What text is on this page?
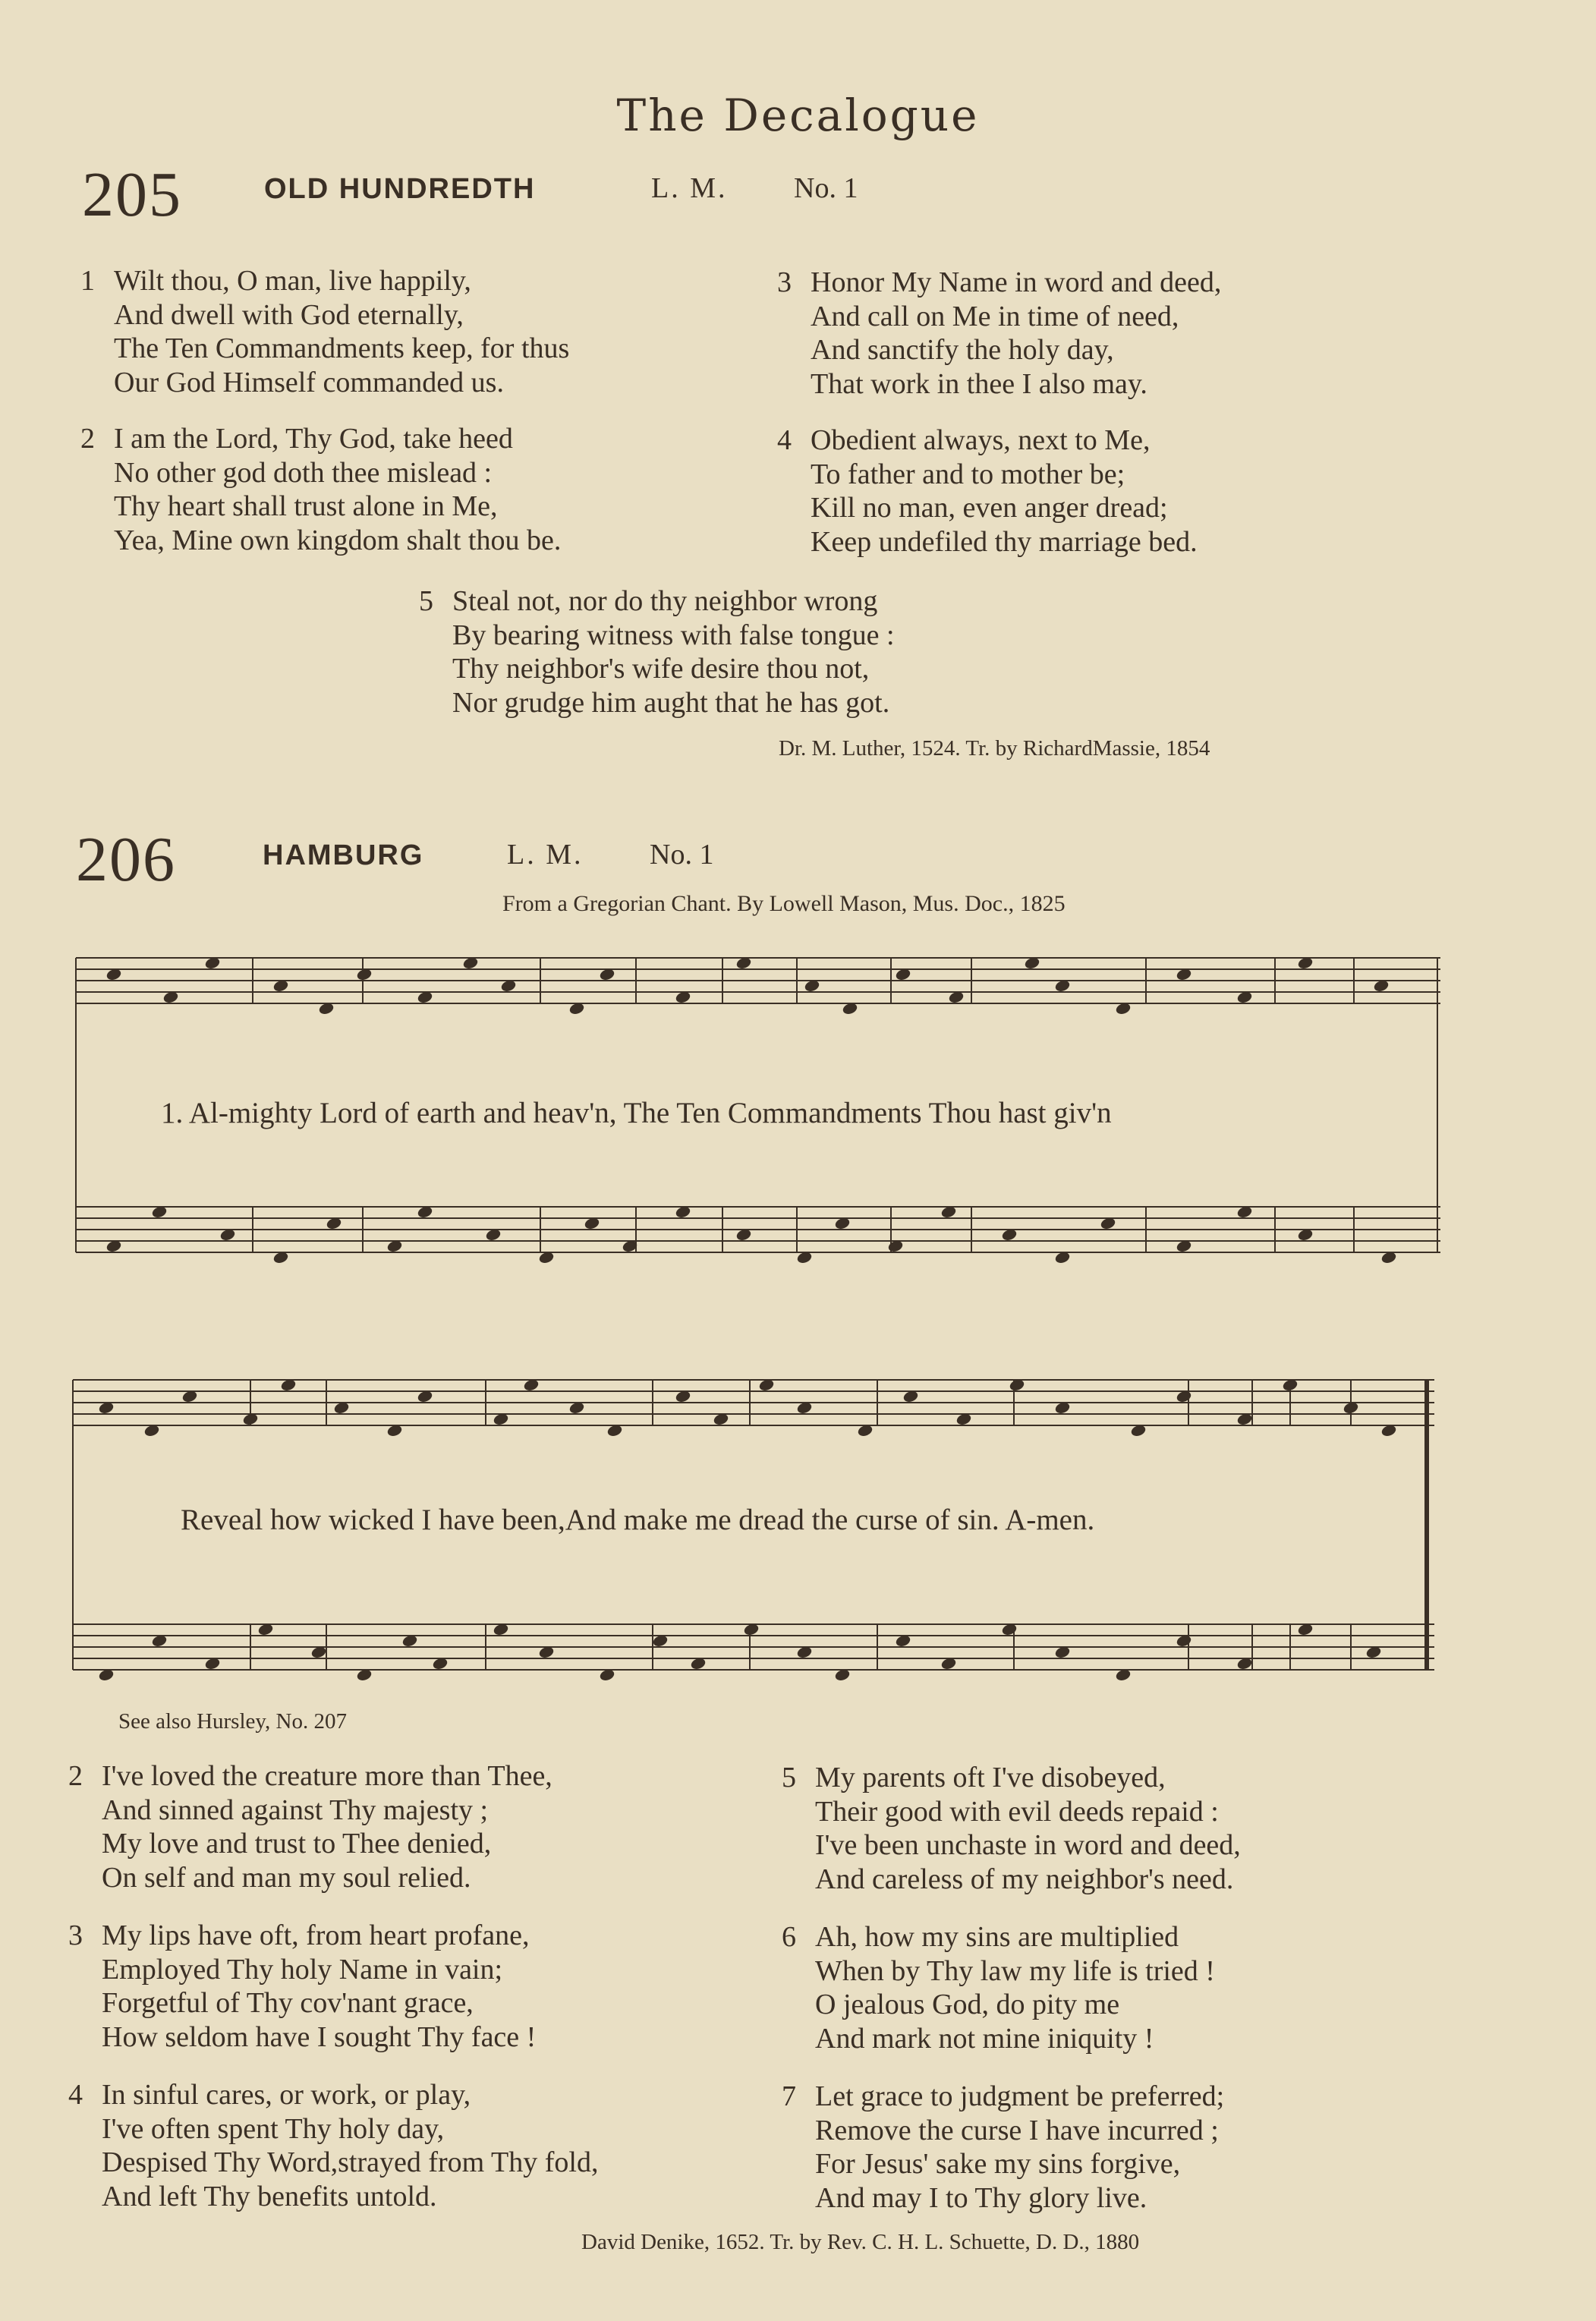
The Decalogue
205	OLD HUNDREDTH	L. M. No. 1
1 Wilt thou, O man, live happily,
And dwell with God eternally,
The Ten Commandments keep, for thus
Our God Himself commanded us.
2 I am the Lord, Thy God, take heed
No other god doth thee mislead :
Thy heart shall trust alone in Me,
Yea, Mine own kingdom shalt thou be.
3 Honor My Name in word and deed,
And call on Me in time of need,
And sanctify the holy day,
That work in thee I also may.
4 Obedient always, next to Me,
To father and to mother be;
Kill no man, even anger dread;
Keep undefiled thy marriage bed.
5 Steal not, nor do thy neighbor wrong
By bearing witness with false tongue :
Thy neighbor's wife desire thou not,
Nor grudge him aught that he has got.
Dr. M. Luther, 1524. Tr. by RichardMassie, 1854
206	HAMBURG	L. M. No. 1
From a Gregorian Chant. By Lowell Mason, Mus. Doc., 1825
1. Al-mighty Lord of earth and heav'n, The Ten Commandments Thou hast giv'n
Reveal how wicked I have been,And make me dread the curse of sin. A-men.
See also Hursley, No. 207
2 I've loved the creature more than Thee,
And sinned against Thy majesty ;
My love and trust to Thee denied,
On self and man my soul relied.
3 My lips have oft, from heart profane,
Employed Thy holy Name in vain;
Forgetful of Thy cov'nant grace,
How seldom have I sought Thy face !
4 In sinful cares, or work, or play,
I've often spent Thy holy day,
Despised Thy Word,strayed from Thy fold,
And left Thy benefits untold.
5 My parents oft I've disobeyed,
Their good with evil deeds repaid :
I've been unchaste in word and deed,
And careless of my neighbor's need.
6 Ah, how my sins are multiplied
When by Thy law my life is tried !
O jealous God, do pity me
And mark not mine iniquity !
7 Let grace to judgment be preferred;
Remove the curse I have incurred ;
For Jesus' sake my sins forgive,
And may I to Thy glory live.
David Denike, 1652. Tr. by Rev. C. H. L. Schuette, D. D., 1880
